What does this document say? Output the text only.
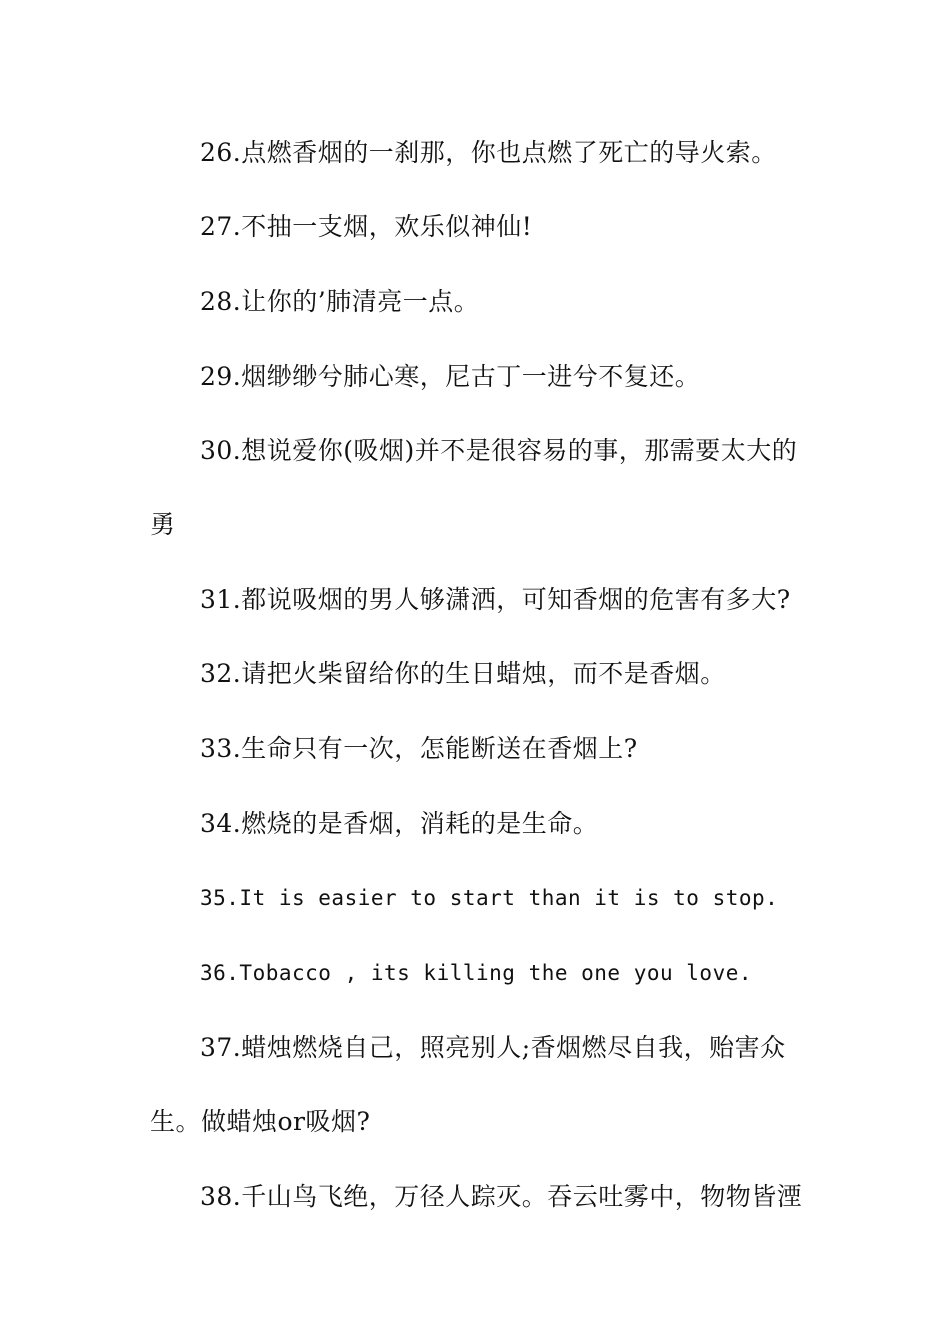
26.点燃香烟的一刹那，你也点燃了死亡的导火索。
27.不抽一支烟，欢乐似神仙!
28.让你的’肺清亮一点。
29.烟缈缈兮肺心寒，尼古丁一进兮不复还。
30.想说爱你(吸烟)并不是很容易的事，那需要太大的
勇
31.都说吸烟的男人够潇洒，可知香烟的危害有多大?
32.请把火柴留给你的生日蜡烛，而不是香烟。
33.生命只有一次，怎能断送在香烟上?
34.燃烧的是香烟，消耗的是生命。
35.It is easier to start than it is to stop.
36.Tobacco , its killing the one you love.
37.蜡烛燃烧自己，照亮别人;香烟燃尽自我，贻害众
生。做蜡烛or吸烟?
38.千山鸟飞绝，万径人踪灭。吞云吐雾中，物物皆湮
